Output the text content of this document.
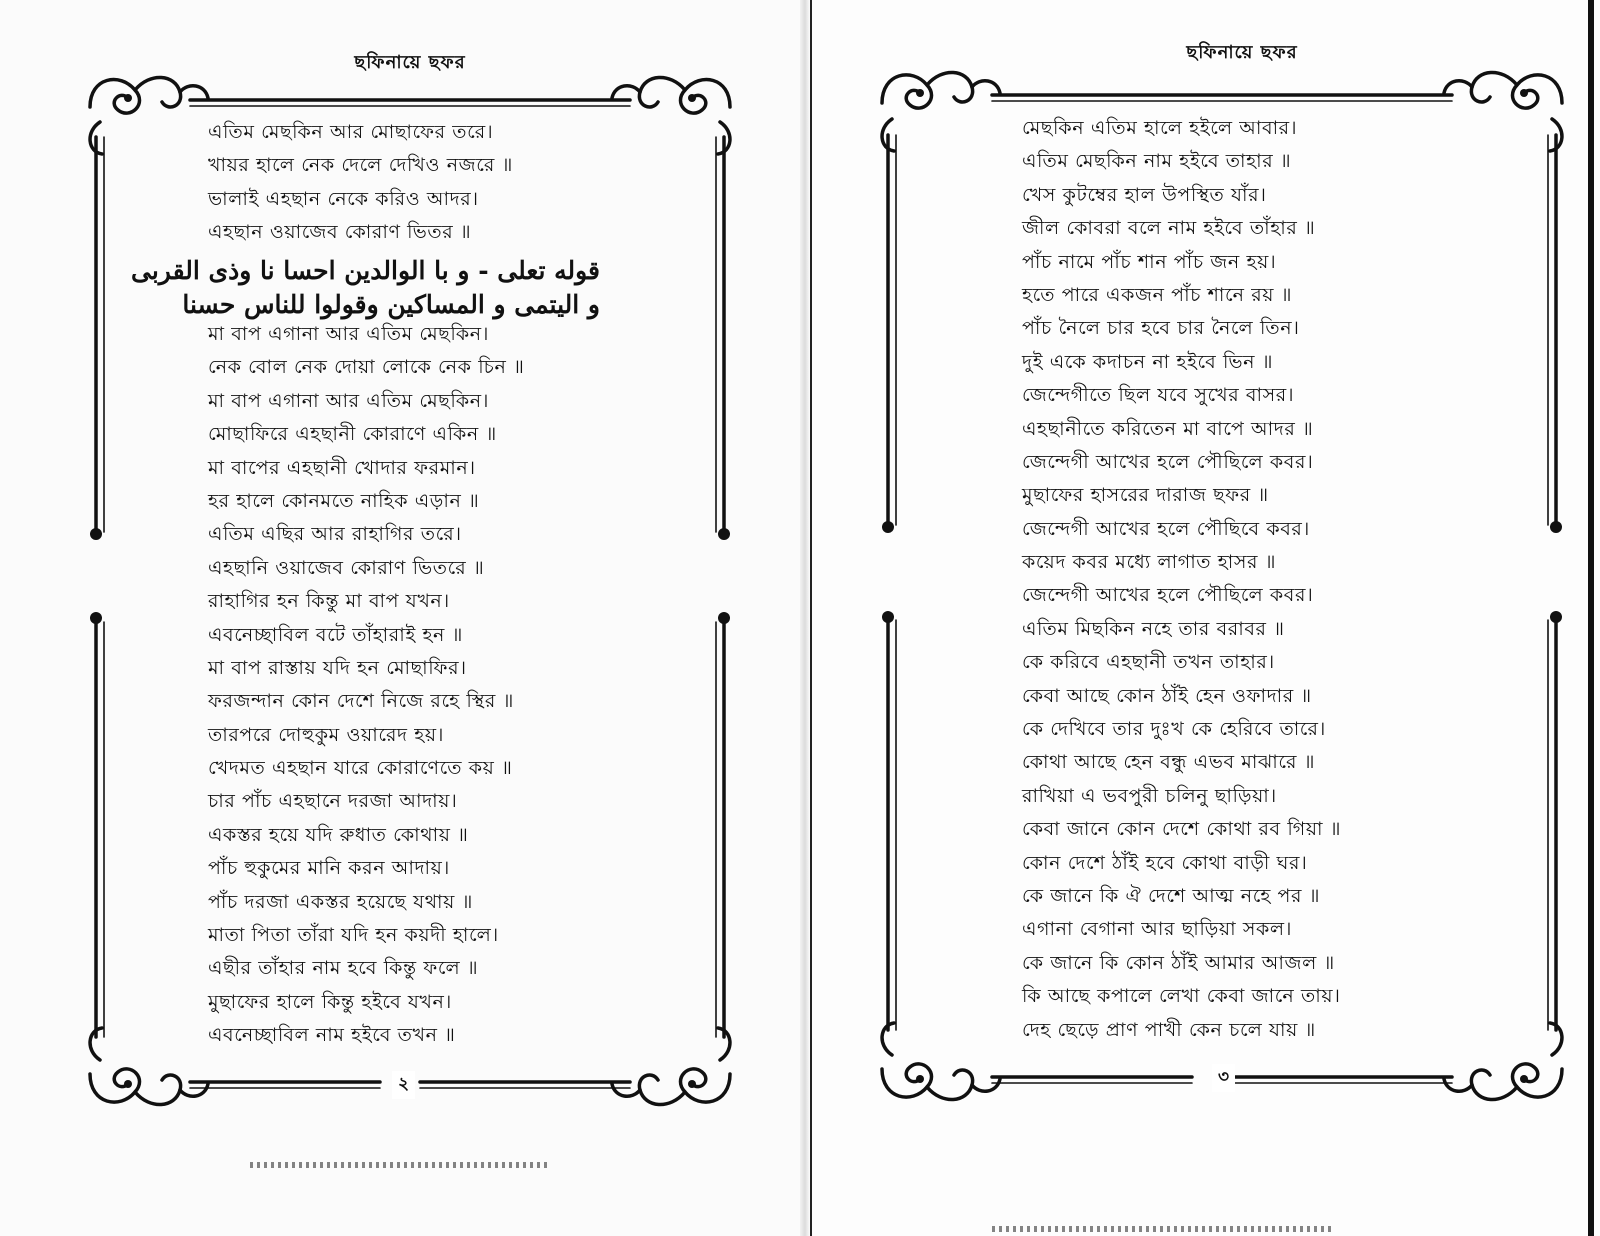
ছফিনায়ে ছফর
এতিম মেছকিন আর মোছাফের তরে।
খায়র হালে নেক দেলে দেখিও নজরে ॥
ভালাই এহছান নেকে করিও আদর।
এহছান ওয়াজেব কোরাণ ভিতর ॥
قوله تعلى - و با الوالدين احسا نا وذى القربى
و اليتمى و المساكين وقولوا للناس حسنا
মা বাপ এগানা আর এতিম মেছকিন।
নেক বোল নেক দোয়া লোকে নেক চিন ॥
মা বাপ এগানা আর এতিম মেছকিন।
মোছাফিরে এহছানী কোরাণে একিন ॥
মা বাপের এহছানী খোদার ফরমান।
হর হালে কোনমতে নাহিক এড়ান ॥
এতিম এছির আর রাহাগির তরে।
এহছানি ওয়াজেব কোরাণ ভিতরে ॥
রাহাগির হন কিন্তু মা বাপ যখন।
এবনেচ্ছাবিল বটে তাঁহারাই হন ॥
মা বাপ রাস্তায় যদি হন মোছাফির।
ফরজন্দান কোন দেশে নিজে রহে স্থির ॥
তারপরে দোহুকুম ওয়ারেদ হয়।
খেদমত এহছান যারে কোরাণেতে কয় ॥
চার পাঁচ এহছানে দরজা আদায়।
একস্তর হয়ে যদি রুধাত কোথায় ॥
পাঁচ হুকুমের মানি করন আদায়।
পাঁচ দরজা একস্তর হয়েছে যথায় ॥
মাতা পিতা তাঁরা যদি হন কয়দী হালে।
এছীর তাঁহার নাম হবে কিন্তু ফলে ॥
মুছাফের হালে কিন্তু হইবে যখন।
এবনেচ্ছাবিল নাম হইবে তখন ॥
২
ছফিনায়ে ছফর
মেছকিন এতিম হালে হইলে আবার।
এতিম মেছকিন নাম হইবে তাহার ॥
খেস কুটম্বের হাল উপস্থিত যাঁর।
জীল কোবরা বলে নাম হইবে তাঁহার ॥
পাঁচ নামে পাঁচ শান পাঁচ জন হয়।
হতে পারে একজন পাঁচ শানে রয় ॥
পাঁচ নৈলে চার হবে চার নৈলে তিন।
দুই একে কদাচন না হইবে ভিন ॥
জেন্দেগীতে ছিল যবে সুখের বাসর।
এহছানীতে করিতেন মা বাপে আদর ॥
জেন্দেগী আখের হলে পৌছিলে কবর।
মুছাফের হাসরের দারাজ ছফর ॥
জেন্দেগী আখের হলে পৌছিবে কবর।
কয়েদ কবর মধ্যে লাগাত হাসর ॥
জেন্দেগী আখের হলে পৌছিলে কবর।
এতিম মিছকিন নহে তার বরাবর ॥
কে করিবে এহছানী তখন তাহার।
কেবা আছে কোন ঠাঁই হেন ওফাদার ॥
কে দেখিবে তার দুঃখ কে হেরিবে তারে।
কোথা আছে হেন বন্ধু এভব মাঝারে ॥
রাখিয়া এ ভবপুরী চলিনু ছাড়িয়া।
কেবা জানে কোন দেশে কোথা রব গিয়া ॥
কোন দেশে ঠাঁই হবে কোথা বাড়ী ঘর।
কে জানে কি ঐ দেশে আত্ম নহে পর ॥
এগানা বেগানা আর ছাড়িয়া সকল।
কে জানে কি কোন ঠাঁই আমার আজল ॥
কি আছে কপালে লেখা কেবা জানে তায়।
দেহ ছেড়ে প্রাণ পাখী কেন চলে যায় ॥
৩
